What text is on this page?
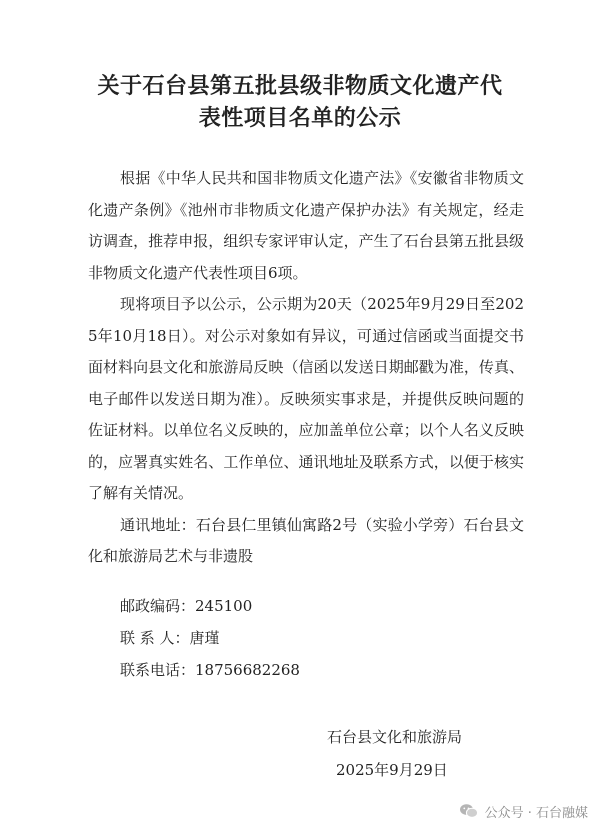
关于石台县第五批县级非物质文化遗产代
表性项目名单的公示

根据《中华人民共和国非物质文化遗产法》《安徽省非物质文化遗产条例》《池州市非物质文化遗产保护办法》有关规定，经走访调查，推荐申报，组织专家评审认定，产生了石台县第五批县级非物质文化遗产代表性项目6项。

现将项目予以公示，公示期为20天（2025年9月29日至2025年10月18日）。对公示对象如有异议，可通过信函或当面提交书面材料向县文化和旅游局反映（信函以发送日期邮戳为准，传真、电子邮件以发送日期为准）。反映须实事求是，并提供反映问题的佐证材料。以单位名义反映的，应加盖单位公章；以个人名义反映的，应署真实姓名、工作单位、通讯地址及联系方式，以便于核实了解有关情况。

通讯地址：石台县仁里镇仙寓路2号（实验小学旁）石台县文化和旅游局艺术与非遗股

邮政编码：245100
联 系 人：唐瑾
联系电话：18756682268
石台县文化和旅游局
2025年9月29日
公众号 · 石台融媒
